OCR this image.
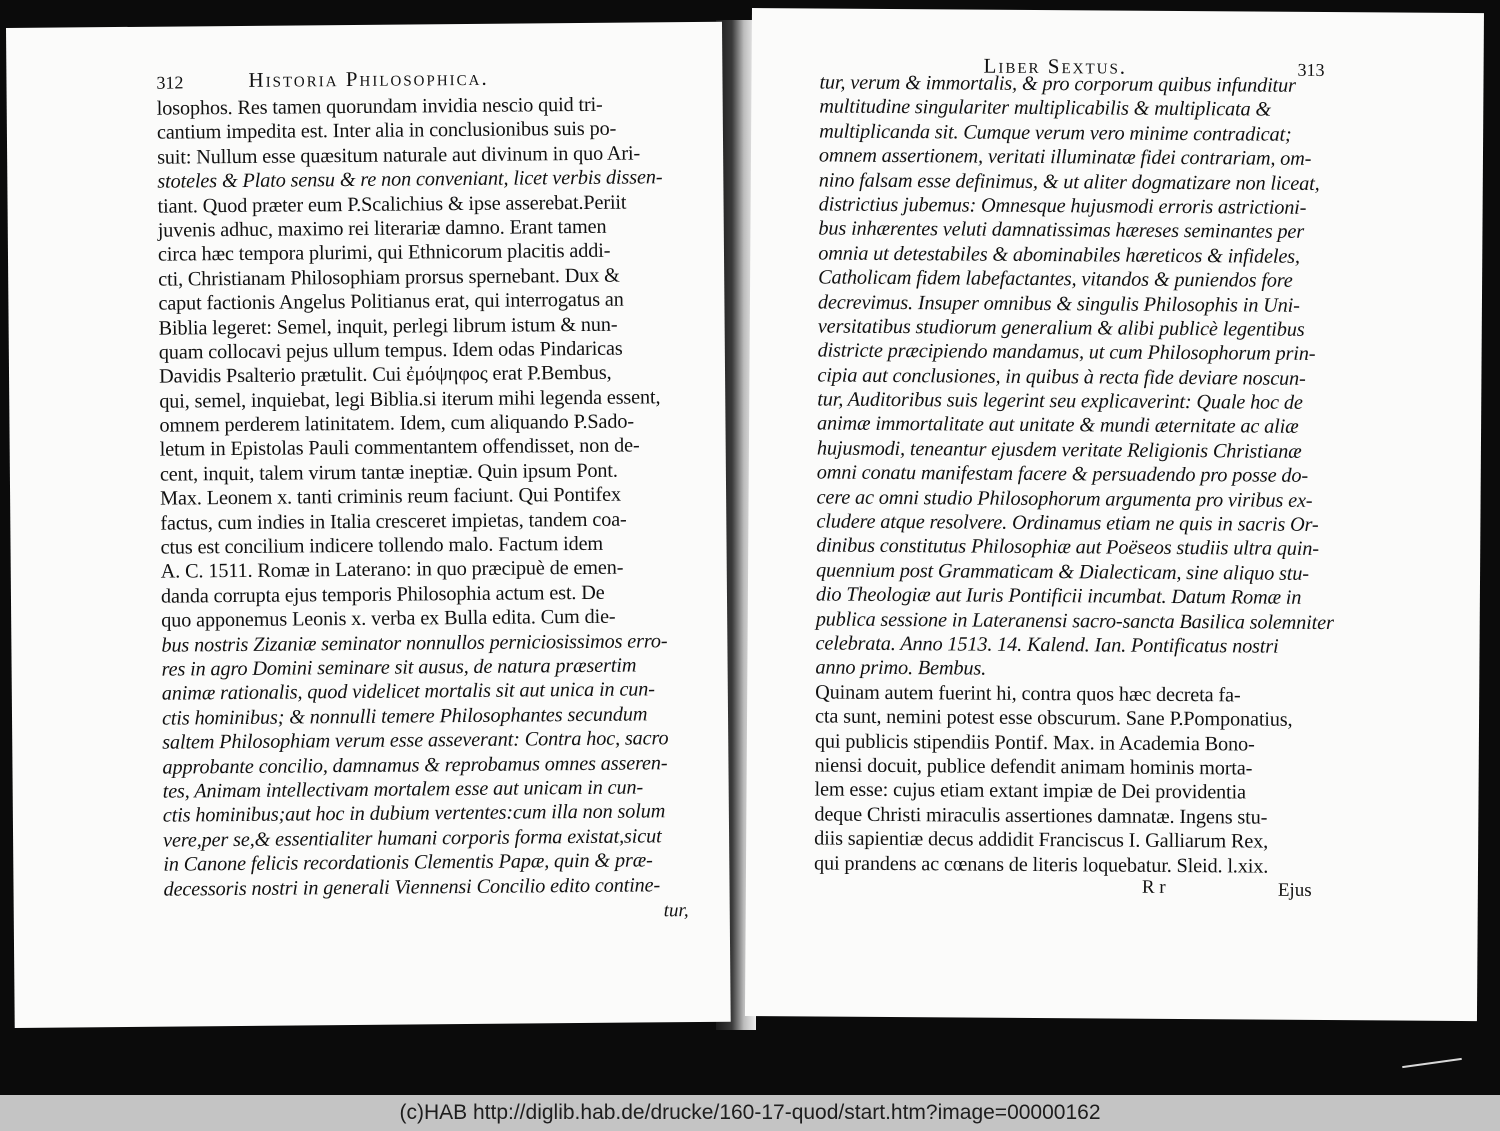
312	Historia Philosophica.
losophos. Res tamen quorundam invidia nescio quid tri-
cantium impedita est. Inter alia in conclusionibus suis po-
suit: Nullum esse quæsitum naturale aut divinum in quo Ari-
stoteles & Plato sensu & re non conveniant, licet verbis dissen-
tiant. Quod præter eum P.Scalichius & ipse asserebat.Periit
juvenis adhuc, maximo rei literariæ damno. Erant tamen
circa hæc tempora plurimi, qui Ethnicorum placitis addi-
cti, Christianam Philosophiam prorsus spernebant. Dux &
caput factionis Angelus Politianus erat, qui interrogatus an
Biblia legeret: Semel, inquit, perlegi librum istum & nun-
quam collocavi pejus ullum tempus. Idem odas Pindaricas
Davidis Psalterio prætulit. Cui ἐμόψηφος erat P.Bembus,
qui, semel, inquiebat, legi Biblia.si iterum mihi legenda essent,
omnem perderem latinitatem. Idem, cum aliquando P.Sado-
letum in Epistolas Pauli commentantem offendisset, non de-
cent, inquit, talem virum tantæ ineptiæ. Quin ipsum Pont.
Max. Leonem x. tanti criminis reum faciunt. Qui Pontifex
factus, cum indies in Italia cresceret impietas, tandem coa-
ctus est concilium indicere tollendo malo. Factum idem
A. C. 1511. Romæ in Laterano: in quo præcipuè de emen-
danda corrupta ejus temporis Philosophia actum est. De
quo apponemus Leonis x. verba ex Bulla edita. Cum die-
bus nostris Zizaniæ seminator nonnullos perniciosissimos erro-
res in agro Domini seminare sit ausus, de natura præsertim
animæ rationalis, quod videlicet mortalis sit aut unica in cun-
ctis hominibus; & nonnulli temere Philosophantes secundum
saltem Philosophiam verum esse asseverant: Contra hoc, sacro
approbante concilio, damnamus & reprobamus omnes asseren-
tes, Animam intellectivam mortalem esse aut unicam in cun-
ctis hominibus;aut hoc in dubium vertentes:cum illa non solum
vere,per se,& essentialiter humani corporis forma existat,sicut
in Canone felicis recordationis Clementis Papæ, quin & præ-
decessoris nostri in generali Viennensi Concilio edito contine-
tur,
Liber Sextus.	313
tur, verum & immortalis, & pro corporum quibus infunditur
multitudine singulariter multiplicabilis & multiplicata &
multiplicanda sit. Cumque verum vero minime contradicat;
omnem assertionem, veritati illuminatæ fidei contrariam, om-
nino falsam esse definimus, & ut aliter dogmatizare non liceat,
districtius jubemus: Omnesque hujusmodi erroris astrictioni-
bus inhærentes veluti damnatissimas hæreses seminantes per
omnia ut detestabiles & abominabiles hæreticos & infideles,
Catholicam fidem labefactantes, vitandos & puniendos fore
decrevimus. Insuper omnibus & singulis Philosophis in Uni-
versitatibus studiorum generalium & alibi publicè legentibus
districte præcipiendo mandamus, ut cum Philosophorum prin-
cipia aut conclusiones, in quibus à recta fide deviare noscun-
tur, Auditoribus suis legerint seu explicaverint: Quale hoc de
animæ immortalitate aut unitate & mundi æternitate ac aliæ
hujusmodi, teneantur ejusdem veritate Religionis Christianæ
omni conatu manifestam facere & persuadendo pro posse do-
cere ac omni studio Philosophorum argumenta pro viribus ex-
cludere atque resolvere. Ordinamus etiam ne quis in sacris Or-
dinibus constitutus Philosophiæ aut Poëseos studiis ultra quin-
quennium post Grammaticam & Dialecticam, sine aliquo stu-
dio Theologiæ aut Iuris Pontificii incumbat. Datum Romæ in
publica sessione in Lateranensi sacro-sancta Basilica solemniter
celebrata. Anno 1513. 14. Kalend. Ian. Pontificatus nostri
anno primo. Bembus.
Quinam autem fuerint hi, contra quos hæc decreta fa-
cta sunt, nemini potest esse obscurum. Sane P.Pomponatius,
qui publicis stipendiis Pontif. Max. in Academia Bono-
niensi docuit, publice defendit animam hominis morta-
lem esse: cujus etiam extant impiæ de Dei providentia
deque Christi miraculis assertiones damnatæ. Ingens stu-
diis sapientiæ decus addidit Franciscus I. Galliarum Rex,
qui prandens ac cœnans de literis loquebatur. Sleid. l.xix.
R r	Ejus
(c)HAB http://diglib.hab.de/drucke/160-17-quod/start.htm?image=00000162
